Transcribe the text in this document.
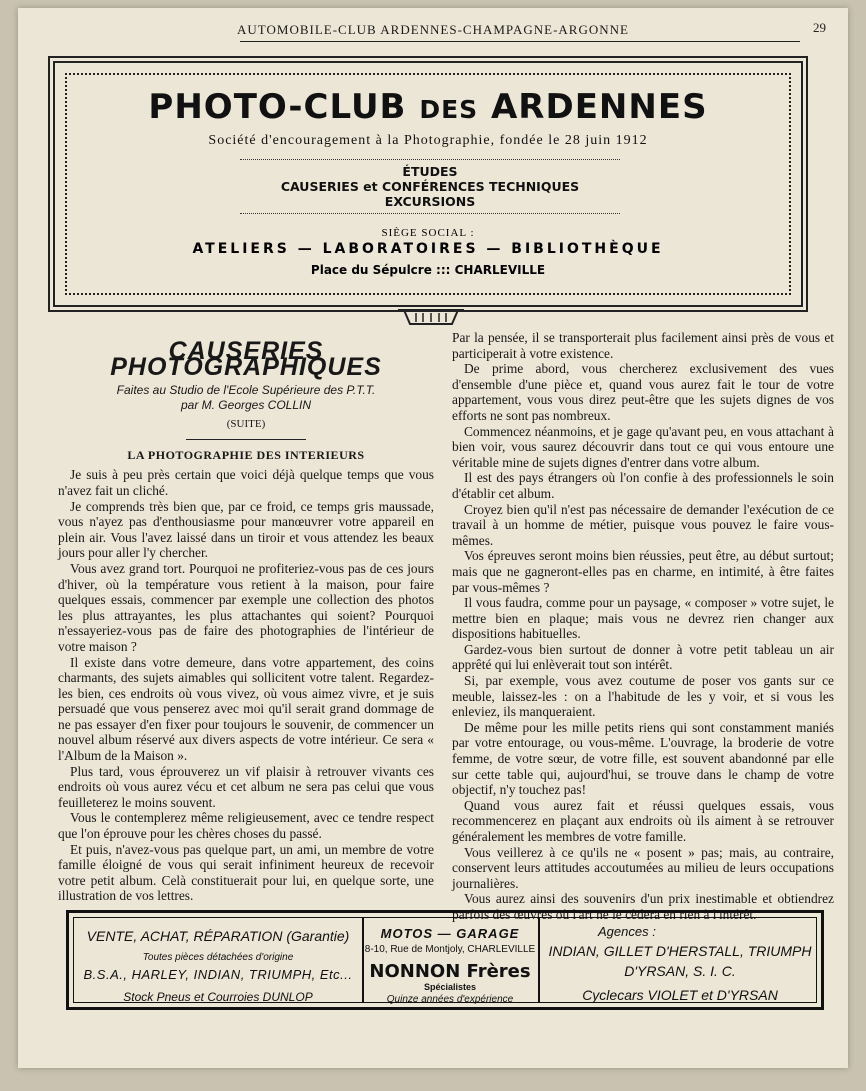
AUTOMOBILE-CLUB ARDENNES-CHAMPAGNE-ARGONNE	29
PHOTO-CLUB DES ARDENNES
Société d'encouragement à la Photographie, fondée le 28 juin 1912
ÉTUDES
CAUSERIES et CONFÉRENCES TECHNIQUES
EXCURSIONS
SIÈGE SOCIAL :
ATELIERS — LABORATOIRES — BIBLIOTHÈQUE
Place du Sépulcre ::: CHARLEVILLE
CAUSERIES PHOTOGRAPHIQUES
Faites au Studio de l'Ecole Supérieure des P.T.T.
par M. Georges COLLIN
(SUITE)
LA PHOTOGRAPHIE DES INTERIEURS

Je suis à peu près certain que voici déjà quelque temps que vous n'avez fait un cliché.

Je comprends très bien que, par ce froid, ce temps gris maussade, vous n'ayez pas d'enthousiasme pour manœuvrer votre appareil en plein air. Vous l'avez laissé dans un tiroir et vous attendez les beaux jours pour aller l'y chercher.

Vous avez grand tort. Pourquoi ne profiteriez-vous pas de ces jours d'hiver, où la température vous retient à la maison, pour faire quelques essais, commencer par exemple une collection des photos les plus attrayantes, les plus attachantes qui soient? Pourquoi n'essayeriez-vous pas de faire des photographies de l'intérieur de votre maison ?

Il existe dans votre demeure, dans votre appartement, des coins charmants, des sujets aimables qui sollicitent votre talent. Regardez-les bien, ces endroits où vous vivez, où vous aimez vivre, et je suis persuadé que vous penserez avec moi qu'il serait grand dommage de ne pas essayer d'en fixer pour toujours le souvenir, de commencer un nouvel album réservé aux divers aspects de votre intérieur. Ce sera « l'Album de la Maison ».

Plus tard, vous éprouverez un vif plaisir à retrouver vivants ces endroits où vous aurez vécu et cet album ne sera pas celui que vous feuilleterez le moins souvent.

Vous le contemplerez même religieusement, avec ce tendre respect que l'on éprouve pour les chères choses du passé.

Et puis, n'avez-vous pas quelque part, un ami, un membre de votre famille éloigné de vous qui serait infiniment heureux de recevoir votre petit album. Celà constituerait pour lui, en quelque sorte, une illustration de vos lettres.

Par la pensée, il se transporterait plus facilement ainsi près de vous et participerait à votre existence.

De prime abord, vous chercherez exclusivement des vues d'ensemble d'une pièce et, quand vous aurez fait le tour de votre appartement, vous vous direz peut-être que les sujets dignes de vos efforts ne sont pas nombreux.

Commencez néanmoins, et je gage qu'avant peu, en vous attachant à bien voir, vous saurez découvrir dans tout ce qui vous entoure une véritable mine de sujets dignes d'entrer dans votre album.

Il est des pays étrangers où l'on confie à des professionnels le soin d'établir cet album.

Croyez bien qu'il n'est pas nécessaire de demander l'exécution de ce travail à un homme de métier, puisque vous pouvez le faire vous-mêmes.

Vos épreuves seront moins bien réussies, peut être, au début surtout; mais que ne gagneront-elles pas en charme, en intimité, à être faites par vous-mêmes ?

Il vous faudra, comme pour un paysage, « composer » votre sujet, le mettre bien en plaque; mais vous ne devrez rien changer aux dispositions habituelles.

Gardez-vous bien surtout de donner à votre petit tableau un air apprêté qui lui enlèverait tout son intérêt.

Si, par exemple, vous avez coutume de poser vos gants sur ce meuble, laissez-les : on a l'habitude de les y voir, et si vous les enleviez, ils manqueraient.

De même pour les mille petits riens qui sont constamment maniés par votre entourage, ou vous-même. L'ouvrage, la broderie de votre femme, de votre sœur, de votre fille, est souvent abandonné par elle sur cette table qui, aujourd'hui, se trouve dans le champ de votre objectif, n'y touchez pas!

Quand vous aurez fait et réussi quelques essais, vous recommencerez en plaçant aux endroits où ils aiment à se retrouver généralement les membres de votre famille.

Vous veillerez à ce qu'ils ne « posent » pas; mais, au contraire, conservent leurs attitudes accoutumées au milieu de leurs occupations journalières.

Vous aurez ainsi des souvenirs d'un prix inestimable et obtiendrez parfois des œuvres où l'art ne le cèdera en rien à l'intérêt.

VENTE, ACHAT, RÉPARATION (Garantie)
Toutes pièces détachées d'origine
B.S.A., HARLEY, INDIAN, TRIUMPH, Etc...
Stock Pneus et Courroies DUNLOP
MOTOS — GARAGE
8-10, Rue de Montjoly, CHARLEVILLE
NONNON Frères
Spécialistes
Quinze années d'expérience
Agences :
INDIAN, GILLET D'HERSTALL, TRIUMPH
D'YRSAN, S. I. C.
Cyclecars VIOLET et D'YRSAN
